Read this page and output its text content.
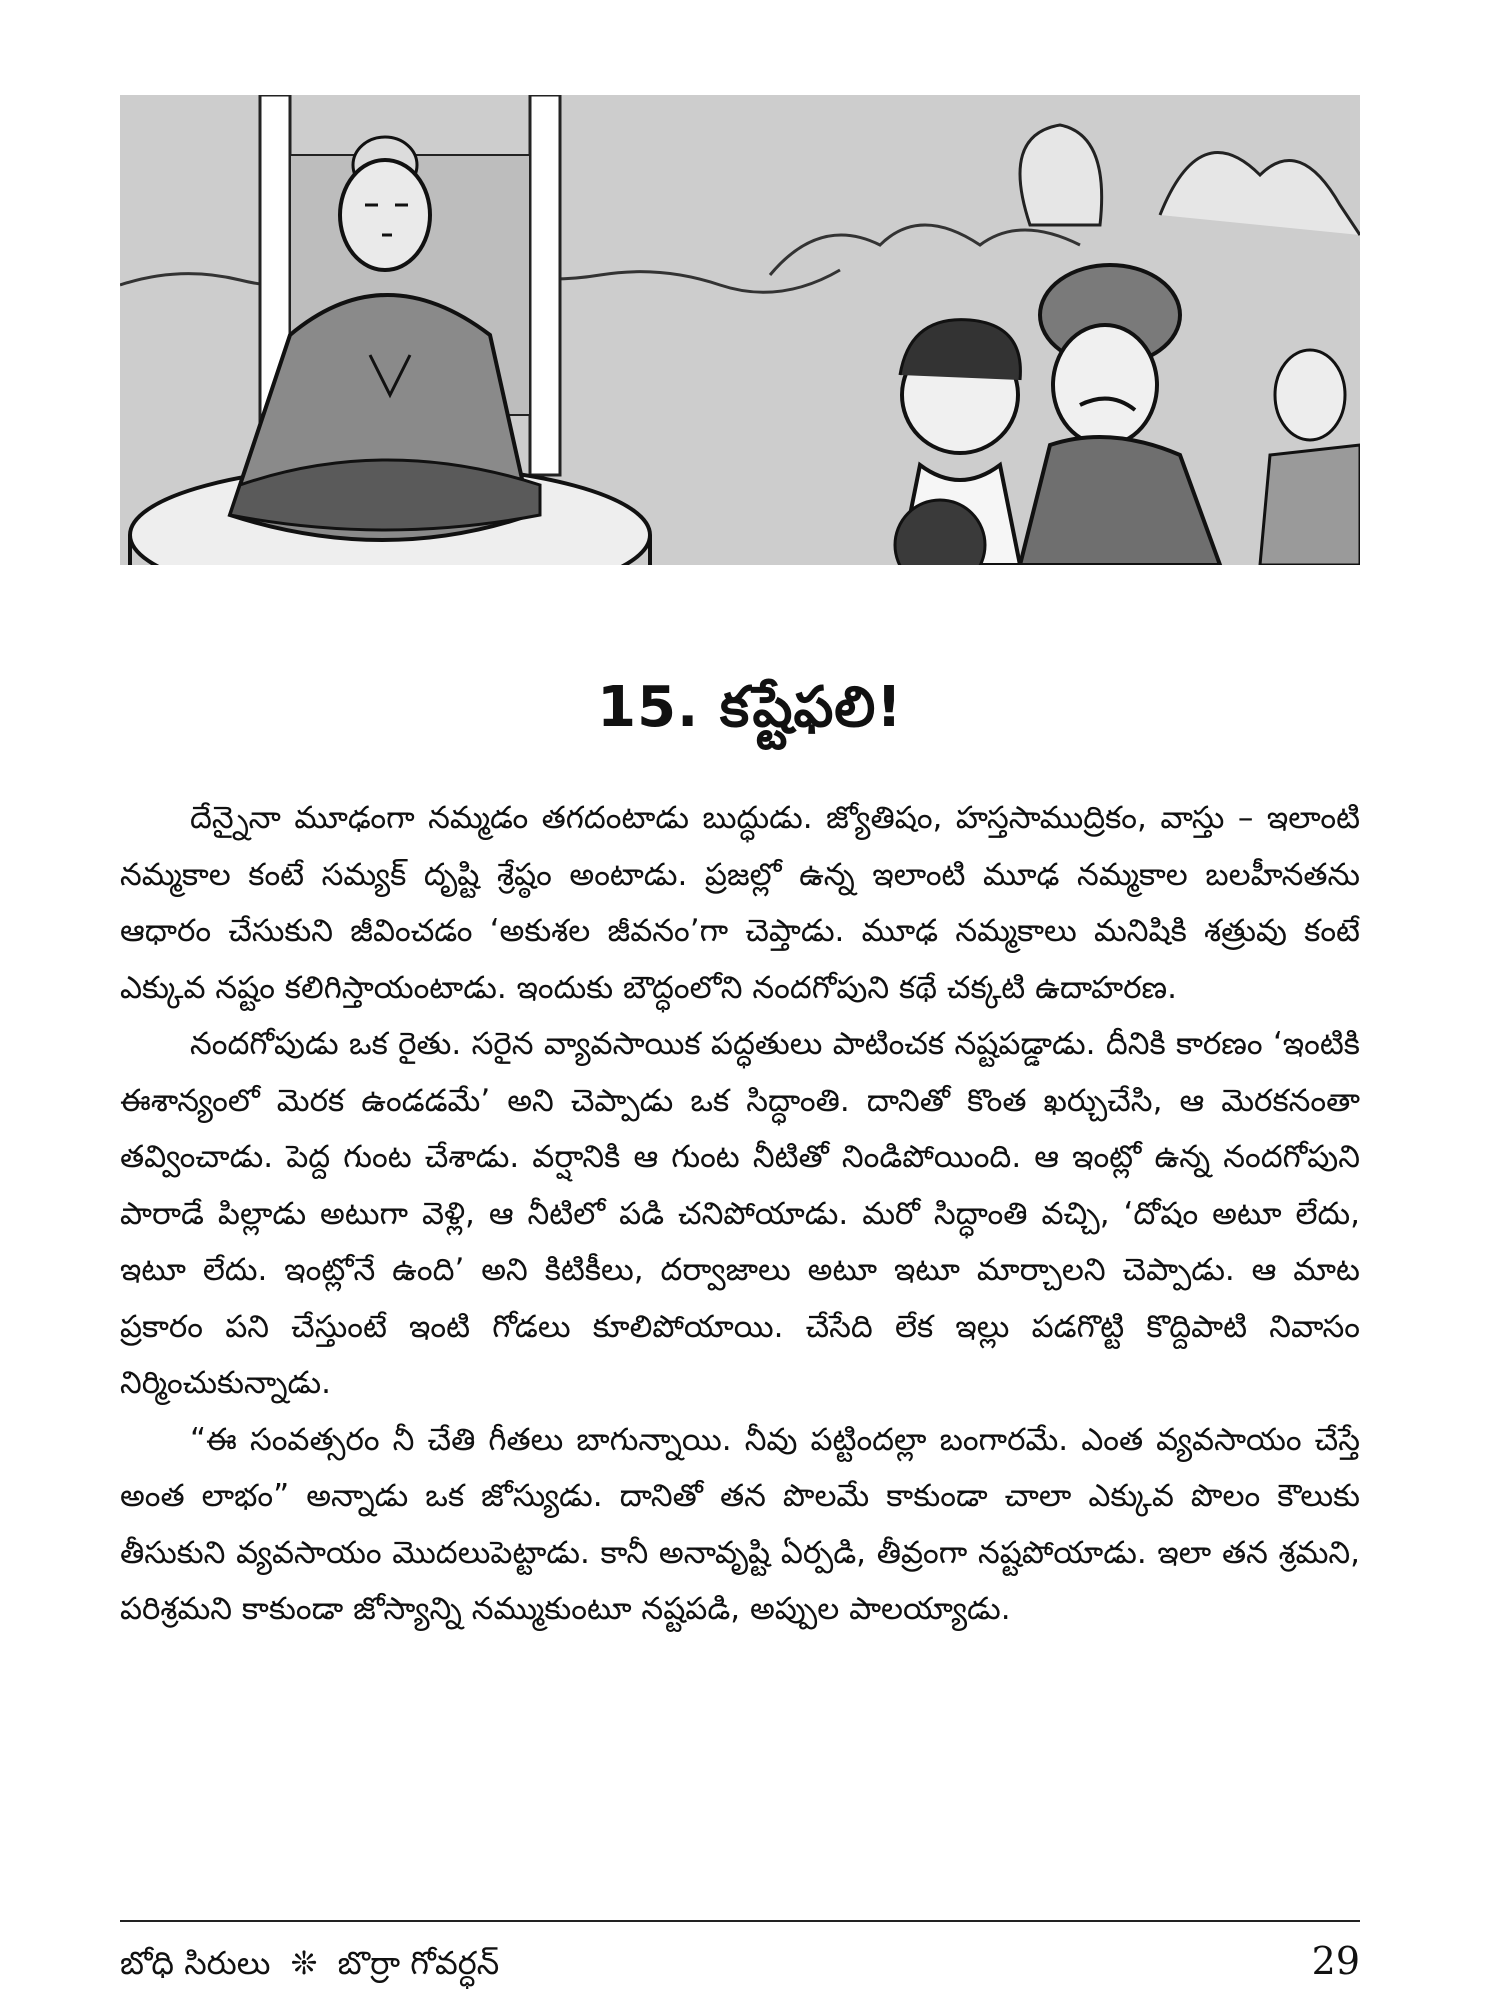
15. కష్టేఫలి!

దేన్నైనా మూఢంగా నమ్మడం తగదంటాడు బుద్ధుడు. జ్యోతిషం, హస్తసాముద్రికం, వాస్తు – ఇలాంటి నమ్మకాల కంటే సమ్యక్ దృష్టి శ్రేష్ఠం అంటాడు. ప్రజల్లో ఉన్న ఇలాంటి మూఢ నమ్మకాల బలహీనతను ఆధారం చేసుకుని జీవించడం ‘అకుశల జీవనం’గా చెప్తాడు. మూఢ నమ్మకాలు మనిషికి శత్రువు కంటే ఎక్కువ నష్టం కలిగిస్తాయంటాడు. ఇందుకు బౌద్ధంలోని నందగోపుని కథే చక్కటి ఉదాహరణ.

నందగోపుడు ఒక రైతు. సరైన వ్యావసాయిక పద్ధతులు పాటించక నష్టపడ్డాడు. దీనికి కారణం ‘ఇంటికి ఈశాన్యంలో మెరక ఉండడమే’ అని చెప్పాడు ఒక సిద్ధాంతి. దానితో కొంత ఖర్చుచేసి, ఆ మెరకనంతా తవ్వించాడు. పెద్ద గుంట చేశాడు. వర్షానికి ఆ గుంట నీటితో నిండిపోయింది. ఆ ఇంట్లో ఉన్న నందగోపుని పారాడే పిల్లాడు అటుగా వెళ్లి, ఆ నీటిలో పడి చనిపోయాడు. మరో సిద్ధాంతి వచ్చి, ‘దోషం అటూ లేదు, ఇటూ లేదు. ఇంట్లోనే ఉంది’ అని కిటికీలు, దర్వాజాలు అటూ ఇటూ మార్చాలని చెప్పాడు. ఆ మాట ప్రకారం పని చేస్తుంటే ఇంటి గోడలు కూలిపోయాయి. చేసేది లేక ఇల్లు పడగొట్టి కొద్దిపాటి నివాసం నిర్మించుకున్నాడు.

“ఈ సంవత్సరం నీ చేతి గీతలు బాగున్నాయి. నీవు పట్టిందల్లా బంగారమే. ఎంత వ్యవసాయం చేస్తే అంత లాభం” అన్నాడు ఒక జోస్యుడు. దానితో తన పొలమే కాకుండా చాలా ఎక్కువ పొలం కౌలుకు తీసుకుని వ్యవసాయం మొదలుపెట్టాడు. కానీ అనావృష్టి ఏర్పడి, తీవ్రంగా నష్టపోయాడు. ఇలా తన శ్రమని, పరిశ్రమని కాకుండా జోస్యాన్ని నమ్ముకుంటూ నష్టపడి, అప్పుల పాలయ్యాడు.

బోధి సిరులు ❊ బొర్రా గోవర్ధన్	29
